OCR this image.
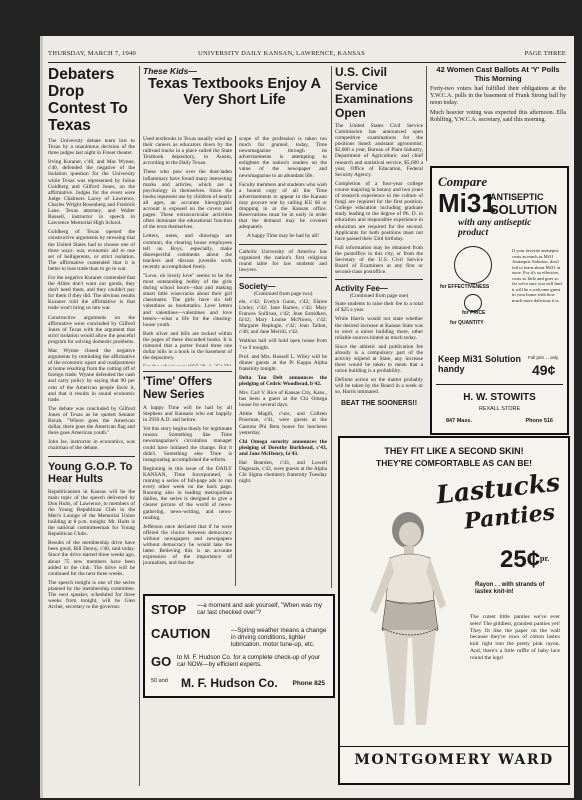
THURSDAY, MARCH 7, 1940	UNIVERSITY DAILY KANSAN, LAWRENCE, KANSAS	PAGE THREE
Debaters Drop Contest To Texas

The University debate team lost to Texas by a unanimous decision of the three judges last night in Fraser theater.

Irving Kuraner, c'40, and Mac Wynne, c'40, defended the negative of the Isolation question for the University while Texas was represented by Julius Goldberg and Gilford Jones, on the affirmative. Judges for the event were Judge Chalmers Lacey of Lawrence, Charles Wright Rosenberg and Fredrick Lane. Texas attorney, and Walter Russell, instructor in speech in Lawrence Memorial High School.

Goldberg of Texas opened the constructive arguments by stressing that the United States had to choose one of three ways: war, economic aid to one set of belligerents, or strict isolation. The affirmative contended that it is better to lose trade than to go to war.

For the negative Kuraner contended that the Allies don't want our goods, they don't need them, and they couldn't pay for them if they did. The obvious results Kuraner told the affirmative is that trade won't bring us into war.

Constructive arguments on the affirmative were concluded by Gilford Jones of Texas with the argument that strict isolation would allow the peaceful program for solving domestic problems.

Mac Wynne closed the negative arguments by reminding the affirmative of the economic upset and readjustment at home resulting from the cutting off of foreign trade. Wynne defended the cash and carry policy by saying that 90 per cent of the American people favor it, and that it results in sound economic trade.

The debate was concluded by Gilford Jones of Texas as he quoted Senator Borah, "Where goes the American dollar, there goes the American flag and there goes American youth."

John Ise, instructor in economics, was chairman of the debate.

Young G.O.P. To Hear Hults

Republicanism in Kansas will be the main topic of the speech delivered by Don Hults, of Lawrence, to members of the Young Republican Club in the Men's Lounge of the Memorial Union building at 8 p.m. tonight. Mr. Hults is the national committeeman for Young Republican Clubs.

Results of the membership drive have been good, Bill Denny, c'40, said today. Since the drive started three weeks ago, about 75 new members have been added to the club. The drive will be continued for the next three weeks.

The speech tonight is one of the series planned by the membership committee. The next speaker, scheduled for three weeks from tonight, will be Glen Archer, secretary to the governor.

These Kids—
Texas Textbooks Enjoy A Very Short Life

Used textbooks in Texas usually wind up their careers as educators down by the railroad tracks in a place called the State Textbook depository, in Austin, according to the Daily Texan.

These who paw over the dust-laden inflammary have found many interesting marks and articles, which are a psychology in themselves. Since the books represent use by children of nearly all ages, an accurate hieroglyphic account is exposed on the covers and pages. These extracurricular activities often dominate the educational function of the texts themselves.

Letters, notes, and drawings are common, the clearing house employees tell us. Boys, especially, make disrespectful comments about the teachers and discuss juvenile work recently accomplished freely.

"Love, oh lovely love" seems to be the most outstanding hobby of the girls during school hours—that and making smart little wisecracks about their girl classmates. The girls have six left valentines as bookmarks. Love letters and valentines—valentines and love letters—what a life for the clearing-house youth.

Both silver and bills are tucked within the pages of these discarded books. It is rumored that a porter found three one dollar bills in a book in the basement of the depository.

'Time' Offers New Series

A happy Time will be had by all Stephens and Kansans who eat happily in 2939 A.D. and before.

Yet this story begins thusly for legitimate reason. Something like Time newsmagazine's circulation manager could have initiated the change. But it didn't. Something else Time is inaugurating accomplished the reform.

Beginning in this issue of the DAILY KANSAN, Time Incorporated, is running a series of full-page ads to run every other week on the back page. Running also in leading metropolitan dailies, the series is designed to give a clearer picture of the world of news-gathering, news-writing, and news-reading.

Jefferson once declared that if he were offered the choice between democracy without newspapers and newspapers without democracy he would take the latter. Believing this is an accurate expression of the importance of journalism, and that the

scope of the profession is taken too much for granted, today, Time newsmagazine through its advertisements is attempting to enlighten the nation's readers on the value of the newspaper and newsmagazine to an abundant life.

Faculty members and students who wish a bound copy of all the Time advertisements to appear in the Kansan may procure one by calling KU 66 or dropping in at the Kansan office. Reservations must be in early in order that the demand may be covered adequately.

A happy Time may be had by all!

Catholic University of America has organized the nation's first religious round table for law students and lawyers.

Society—
(Continued from page two)

ele, c'42; Evelyn Gunn, c'42; Elaine Linley, c'42; Jane Barnes, c'42; Mary Frances Sullivan, c'42; Jean Estridken, fa'42; Mary Louise McNown, c'42; Margaret Replogle, c'42; Jean Talbot, c'40; and Jane Merrill, c'42.

Watkins hall will hold open house from 7 to 9 tonight.

Prof. and Mrs. Russell L. Wiley will be dinner guests at the Pi Kappa Alpha fraternity tonight.

Delta Tau Delt announces the pledging of Cedric Woodbead, b'42.

Mrs. Carl V. Rice of Kansas City, Kans., has been a guest at the Chi Omega house for several days.

Abbie Magill, c'unc, and Colleen Poorman, c'41, were guests at the Gamma Phi Beta house for luncheon yesterday.

Chi Omega sorority announces the pledging of Dorothy Burkhead, c'43, and Jane McHenry, fa'43.

Hal Bearden, c'43, and Lowell Dagenais, c'42, were guests at the Alpha Chi Sigma chemistry fraternity Tuesday night.

U.S. Civil Service Examinations Open

The United States Civil Service Commission has announced open competitive examinations for the positions listed: assistant agronomist, $2,600 a year, Bureau of Plant Industry, Department of Agriculture; and chief research and statistical service, $5,600 a year, Office of Education, Federal Security Agency.

Completion of a four-year college course majoring in botany and two years of research experience in the culture of fungi are required for the first position. College education including graduate study leading to the degree of Ph. D. in education and responsible experience in education are required for the second. Applicants for both positions must not have passed their 53rd birthday.

Full information may be obtained from the postoffice in this city, or from the Secretary of the U.S. Civil Service Board of Examiners at any first or second-class postoffice.

Activity Fee—
(Continued from page one)

State students to raise their fee to a total of $25 a year.

While Harris would not state whether the desired increase at Kansas State was to erect a union building there, other reliable sources hinted as much today.

Since the athletic and publication fee already is a compulsory part of the activity stipend at State, any increase there would be taken to mean that a union building is a probability.

Definite action on the matter probably will be taken by the Board in a week or so, Harris intimated.

BEAT THE SOONERS!!
42 Women Cast Ballots At 'Y' Polls This Morning

Forty-two voters had fulfilled their obligations at the Y.W.C.A. polls in the basement of Frank Strong hall by noon today.

Much heavier voting was expected this afternoon. Ella Rohlfing, Y.W.C.A. secretary, said this morning.

Compare
Mi31
ANTISEPTIC
SOLUTION
with any antiseptic product
for EFFECTIVENESS
for PRICE
for QUANTITY
If your favorite antiseptic costs as much as Mi31 Antiseptic Solution, don't fail to learn about Mi31 at once. For it's so effective, costs so little and goes so far we're sure you will find it will be a welcome guest in your home with how much more delicious it is.
Keep Mi31 Solution handy
Full pint ... only
49¢
H. W. STOWITS
REXALL STORE
847 Mass.	Phone 516
THEY FIT LIKE A SECOND SKIN!
THEY'RE COMFORTABLE AS CAN BE!
Lastucks
Panties
25¢ pr.
Rayon . . with strands of lastex knit-in!
The cutest little panties we've ever seen! The giddiest, grandest panties yet! They fit like the paper on the wall because they're rows of cotton lastex knit right into the pretty pink rayon. And, there's a little ruffle of baby lace round the legs!
MONTGOMERY WARD
STOP —a moment and ask yourself, "When was my car last checked over"?
CAUTION	—Spring weather means a change in driving conditions, lighter lubrication, motor tune-up, etc.
GO to M. F. Hudson Co. for a complete check-up of your car NOW—by efficient experts.
50 and M. F. Hudson Co. Phone 825
